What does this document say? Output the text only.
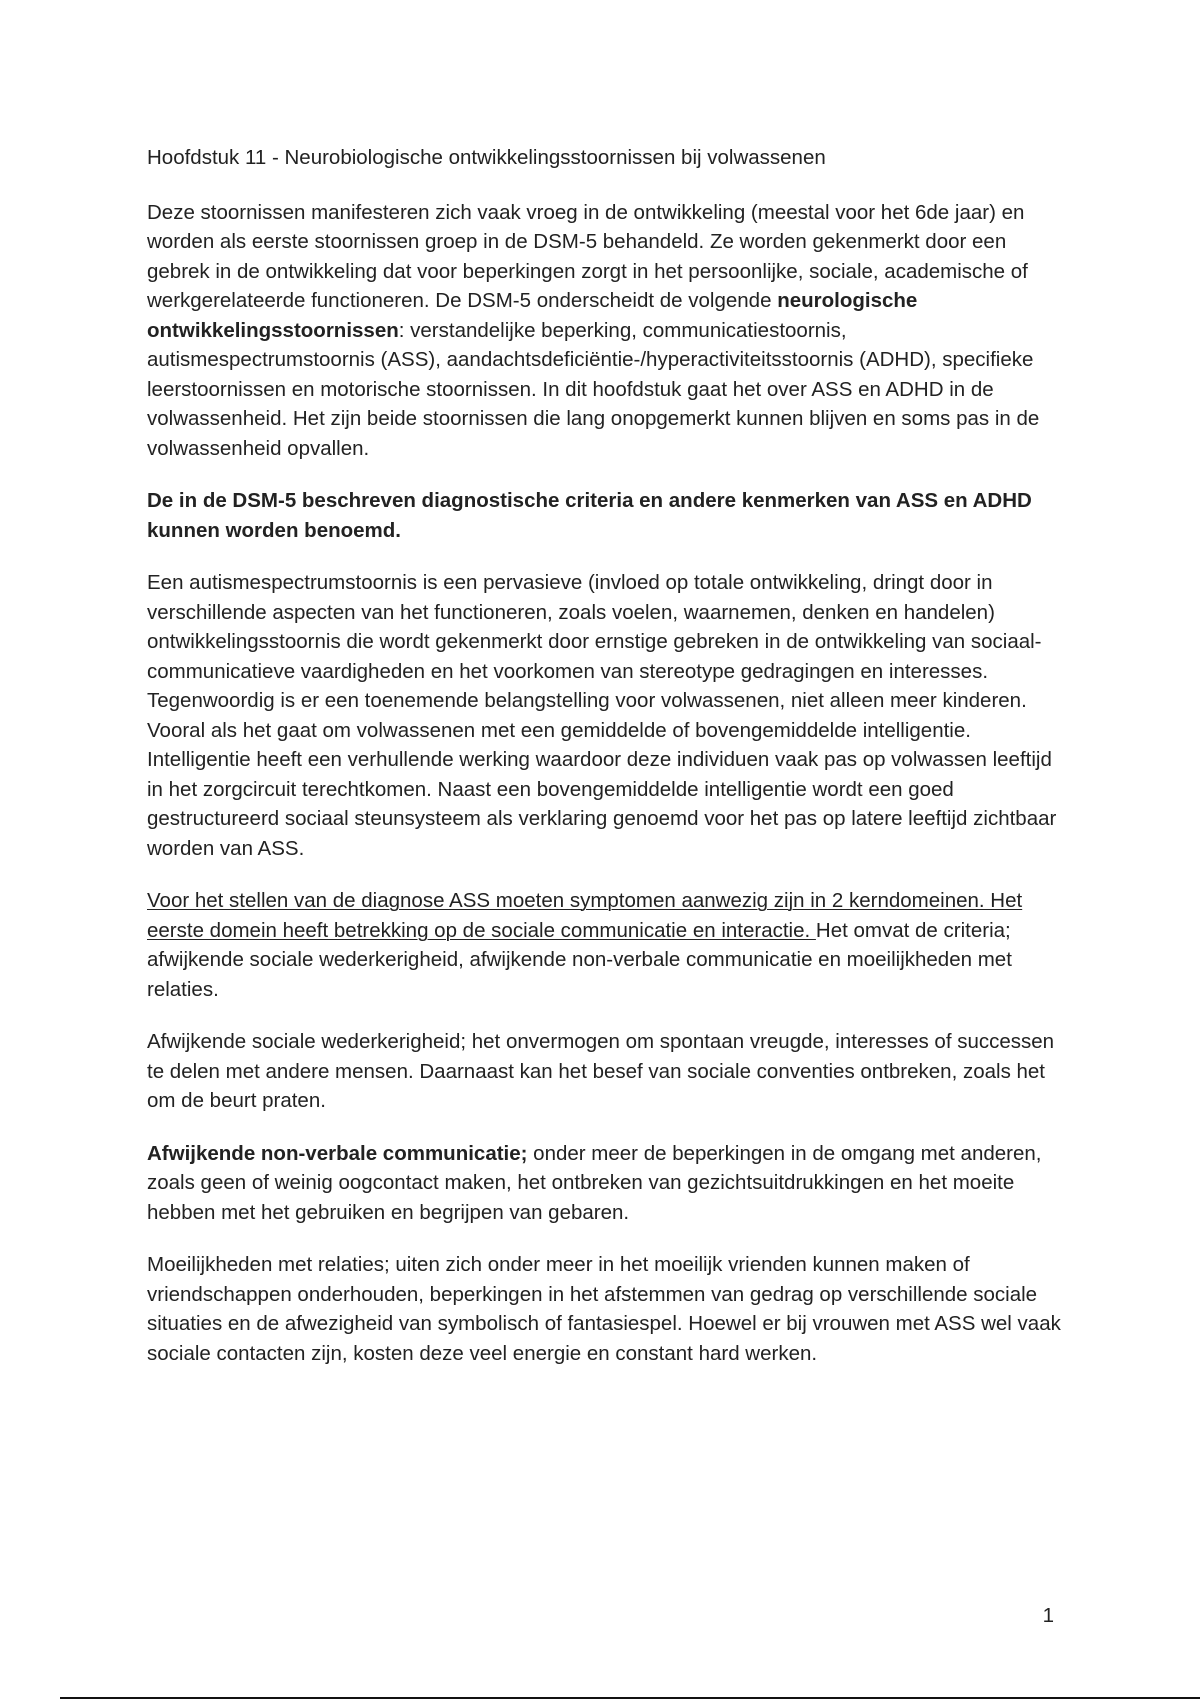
Hoofdstuk 11 - Neurobiologische ontwikkelingsstoornissen bij volwassenen

Deze stoornissen manifesteren zich vaak vroeg in de ontwikkeling (meestal voor het 6de jaar) en worden als eerste stoornissen groep in de DSM-5 behandeld. Ze worden gekenmerkt door een gebrek in de ontwikkeling dat voor beperkingen zorgt in het persoonlijke, sociale, academische of werkgerelateerde functioneren. De DSM-5 onderscheidt de volgende neurologische ontwikkelingsstoornissen: verstandelijke beperking, communicatiestoornis, autismespectrumstoornis (ASS), aandachtsdeficiëntie-/hyperactiviteitsstoornis (ADHD), specifieke leerstoornissen en motorische stoornissen. In dit hoofdstuk gaat het over ASS en ADHD in de volwassenheid. Het zijn beide stoornissen die lang onopgemerkt kunnen blijven en soms pas in de volwassenheid opvallen.

De in de DSM-5 beschreven diagnostische criteria en andere kenmerken van ASS en ADHD kunnen worden benoemd.

Een autismespectrumstoornis is een pervasieve (invloed op totale ontwikkeling, dringt door in verschillende aspecten van het functioneren, zoals voelen, waarnemen, denken en handelen) ontwikkelingsstoornis die wordt gekenmerkt door ernstige gebreken in de ontwikkeling van sociaal-communicatieve vaardigheden en het voorkomen van stereotype gedragingen en interesses. Tegenwoordig is er een toenemende belangstelling voor volwassenen, niet alleen meer kinderen. Vooral als het gaat om volwassenen met een gemiddelde of bovengemiddelde intelligentie. Intelligentie heeft een verhullende werking waardoor deze individuen vaak pas op volwassen leeftijd in het zorgcircuit terechtkomen. Naast een bovengemiddelde intelligentie wordt een goed gestructureerd sociaal steunsysteem als verklaring genoemd voor het pas op latere leeftijd zichtbaar worden van ASS.

Voor het stellen van de diagnose ASS moeten symptomen aanwezig zijn in 2 kerndomeinen. Het eerste domein heeft betrekking op de sociale communicatie en interactie. Het omvat de criteria; afwijkende sociale wederkerigheid, afwijkende non-verbale communicatie en moeilijkheden met relaties.

Afwijkende sociale wederkerigheid; het onvermogen om spontaan vreugde, interesses of successen te delen met andere mensen. Daarnaast kan het besef van sociale conventies ontbreken, zoals het om de beurt praten.

Afwijkende non-verbale communicatie; onder meer de beperkingen in de omgang met anderen, zoals geen of weinig oogcontact maken, het ontbreken van gezichtsuitdrukkingen en het moeite hebben met het gebruiken en begrijpen van gebaren.

Moeilijkheden met relaties; uiten zich onder meer in het moeilijk vrienden kunnen maken of vriendschappen onderhouden, beperkingen in het afstemmen van gedrag op verschillende sociale situaties en de afwezigheid van symbolisch of fantasiespel. Hoewel er bij vrouwen met ASS wel vaak sociale contacten zijn, kosten deze veel energie en constant hard werken.

1
